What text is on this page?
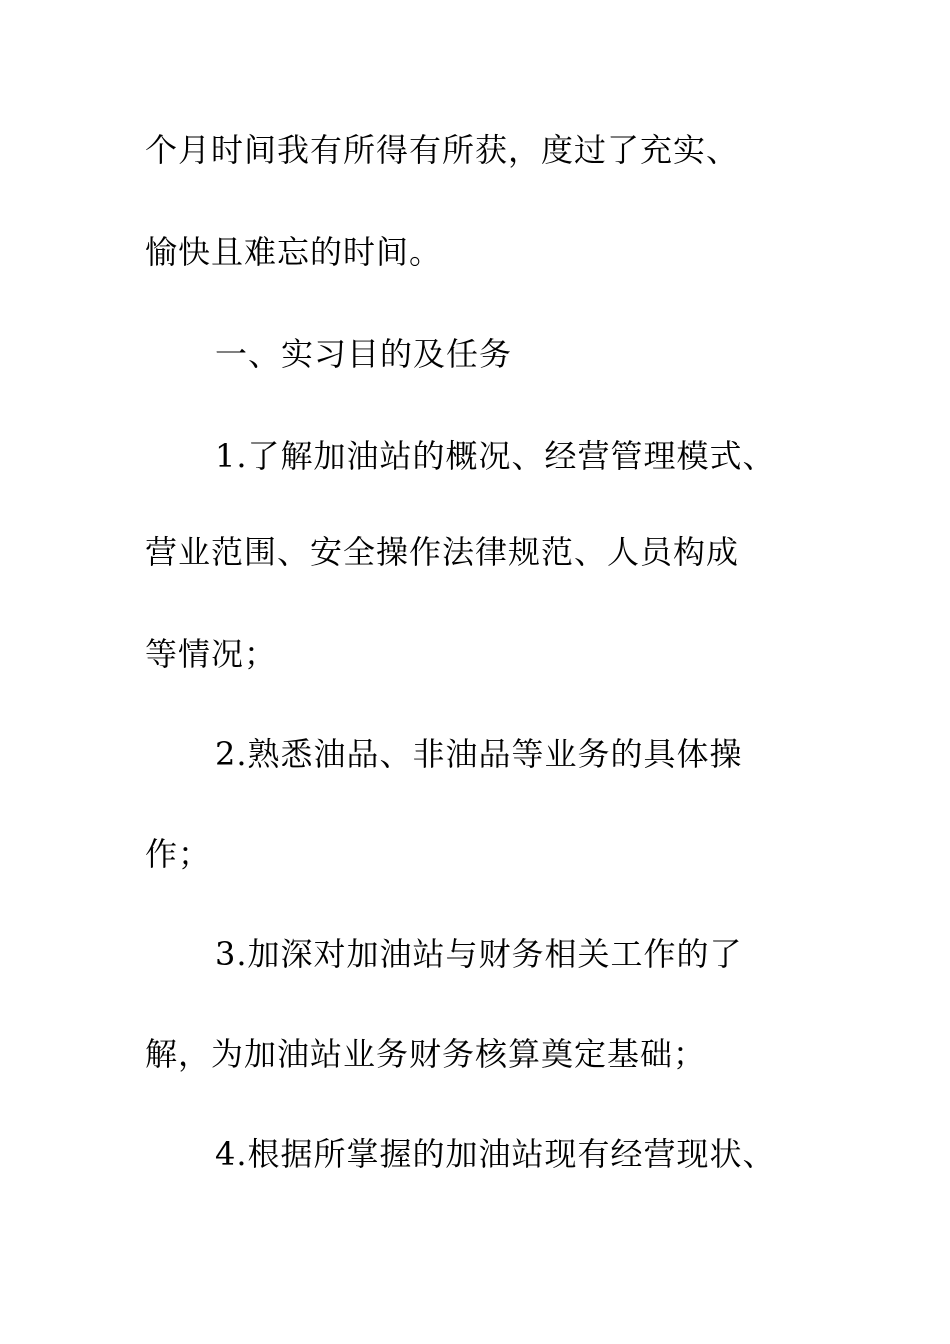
个月时间我有所得有所获，度过了充实、
愉快且难忘的时间。
一、实习目的及任务
1.了解加油站的概况、经营管理模式、
营业范围、安全操作法律规范、人员构成
等情况；
2.熟悉油品、非油品等业务的具体操
作；
3.加深对加油站与财务相关工作的了
解，为加油站业务财务核算奠定基础；
4.根据所掌握的加油站现有经营现状、
